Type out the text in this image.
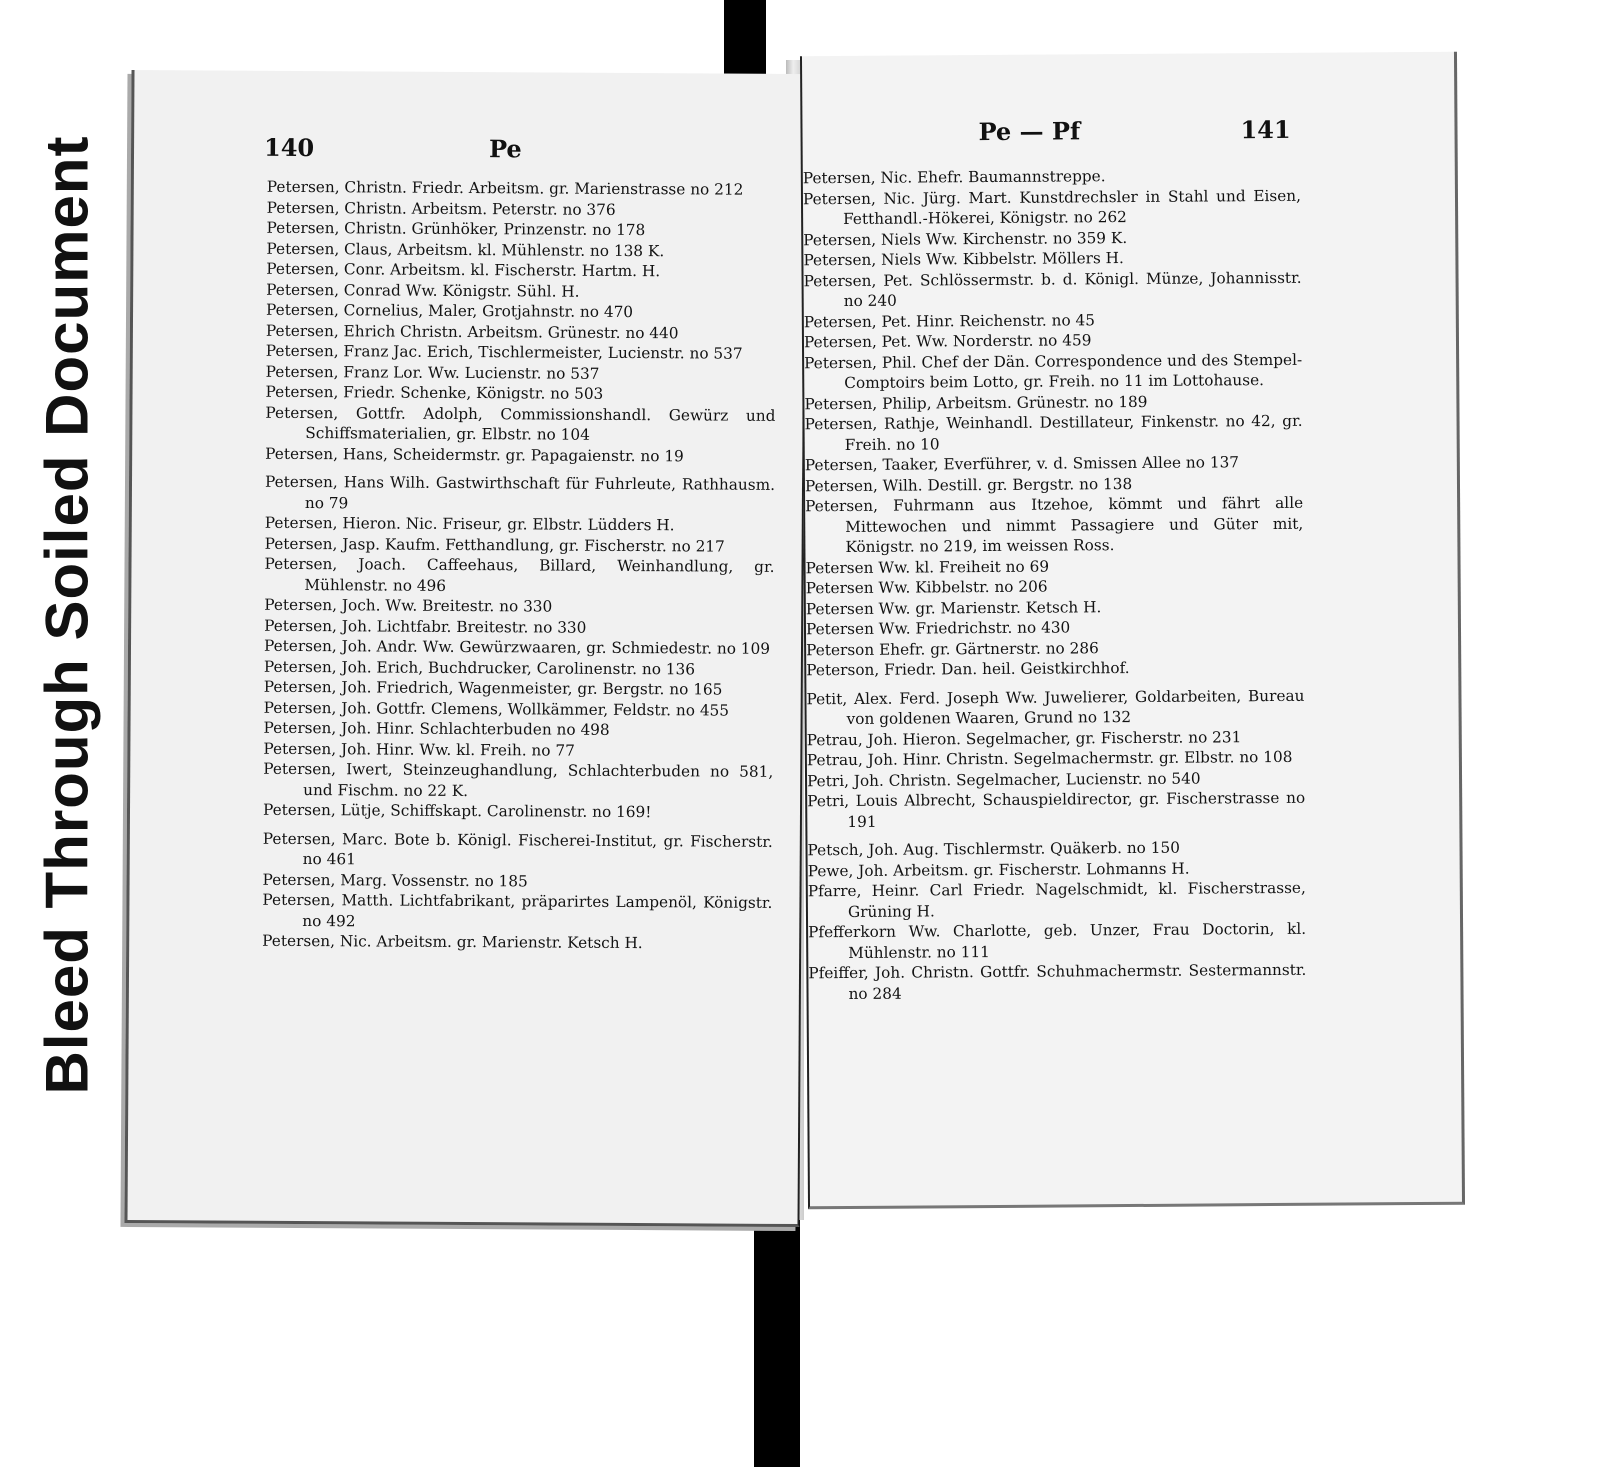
Bleed Through Soiled Document	140	Pe
Petersen, Christn. Friedr. Arbeitsm. gr. Marienstrasse no 212
Petersen, Christn. Arbeitsm. Peterstr. no 376
Petersen, Christn. Grünhöker, Prinzenstr. no 178
Petersen, Claus, Arbeitsm. kl. Mühlenstr. no 138 K.
Petersen, Conr. Arbeitsm. kl. Fischerstr. Hartm. H.
Petersen, Conrad Ww. Königstr. Sühl. H.
Petersen, Cornelius, Maler, Grotjahnstr. no 470
Petersen, Ehrich Christn. Arbeitsm. Grünestr. no 440
Petersen, Franz Jac. Erich, Tischlermeister, Lucienstr. no 537
Petersen, Franz Lor. Ww. Lucienstr. no 537
Petersen, Friedr. Schenke, Königstr. no 503
Petersen, Gottfr. Adolph, Commissionshandl. Gewürz und Schiffsmaterialien, gr. Elbstr. no 104
Petersen, Hans, Scheidermstr. gr. Papagaienstr. no 19
Petersen, Hans Wilh. Gastwirthschaft für Fuhrleute, Rathhausm. no 79
Petersen, Hieron. Nic. Friseur, gr. Elbstr. Lüdders H.
Petersen, Jasp. Kaufm. Fetthandlung, gr. Fischerstr. no 217
Petersen, Joach. Caffeehaus, Billard, Weinhandlung, gr. Mühlenstr. no 496
Petersen, Joch. Ww. Breitestr. no 330
Petersen, Joh. Lichtfabr. Breitestr. no 330
Petersen, Joh. Andr. Ww. Gewürzwaaren, gr. Schmiedestr. no 109
Petersen, Joh. Erich, Buchdrucker, Carolinenstr. no 136
Petersen, Joh. Friedrich, Wagenmeister, gr. Bergstr. no 165
Petersen, Joh. Gottfr. Clemens, Wollkämmer, Feldstr. no 455
Petersen, Joh. Hinr. Schlachterbuden no 498
Petersen, Joh. Hinr. Ww. kl. Freih. no 77
Petersen, Iwert, Steinzeughandlung, Schlachterbuden no 581, und Fischm. no 22 K.
Petersen, Lütje, Schiffskapt. Carolinenstr. no 169!
Petersen, Marc. Bote b. Königl. Fischerei-Institut, gr. Fischerstr. no 461
Petersen, Marg. Vossenstr. no 185
Petersen, Matth. Lichtfabrikant, präparirtes Lampenöl, Königstr. no 492
Petersen, Nic. Arbeitsm. gr. Marienstr. Ketsch H.
Pe — Pf	141
Petersen, Nic. Ehefr. Baumannstreppe.
Petersen, Nic. Jürg. Mart. Kunstdrechsler in Stahl und Eisen, Fetthandl.-Hökerei, Königstr. no 262
Petersen, Niels Ww. Kirchenstr. no 359 K.
Petersen, Niels Ww. Kibbelstr. Möllers H.
Petersen, Pet. Schlössermstr. b. d. Königl. Münze, Johannisstr. no 240
Petersen, Pet. Hinr. Reichenstr. no 45
Petersen, Pet. Ww. Norderstr. no 459
Petersen, Phil. Chef der Dän. Correspondence und des Stempel-Comptoirs beim Lotto, gr. Freih. no 11 im Lottohause.
Petersen, Philip, Arbeitsm. Grünestr. no 189
Petersen, Rathje, Weinhandl. Destillateur, Finkenstr. no 42, gr. Freih. no 10
Petersen, Taaker, Everführer, v. d. Smissen Allee no 137
Petersen, Wilh. Destill. gr. Bergstr. no 138
Petersen, Fuhrmann aus Itzehoe, kömmt und fährt alle Mittewochen und nimmt Passagiere und Güter mit, Königstr. no 219, im weissen Ross.
Petersen Ww. kl. Freiheit no 69
Petersen Ww. Kibbelstr. no 206
Petersen Ww. gr. Marienstr. Ketsch H.
Petersen Ww. Friedrichstr. no 430
Peterson Ehefr. gr. Gärtnerstr. no 286
Peterson, Friedr. Dan. heil. Geistkirchhof.
Petit, Alex. Ferd. Joseph Ww. Juwelierer, Goldarbeiten, Bureau von goldenen Waaren, Grund no 132
Petrau, Joh. Hieron. Segelmacher, gr. Fischerstr. no 231
Petrau, Joh. Hinr. Christn. Segelmachermstr. gr. Elbstr. no 108
Petri, Joh. Christn. Segelmacher, Lucienstr. no 540
Petri, Louis Albrecht, Schauspieldirector, gr. Fischerstrasse no 191
Petsch, Joh. Aug. Tischlermstr. Quäkerb. no 150
Pewe, Joh. Arbeitsm. gr. Fischerstr. Lohmanns H.
Pfarre, Heinr. Carl Friedr. Nagelschmidt, kl. Fischerstrasse, Grüning H.
Pfefferkorn Ww. Charlotte, geb. Unzer, Frau Doctorin, kl. Mühlenstr. no 111
Pfeiffer, Joh. Christn. Gottfr. Schuhmachermstr. Sestermannstr. no 284
